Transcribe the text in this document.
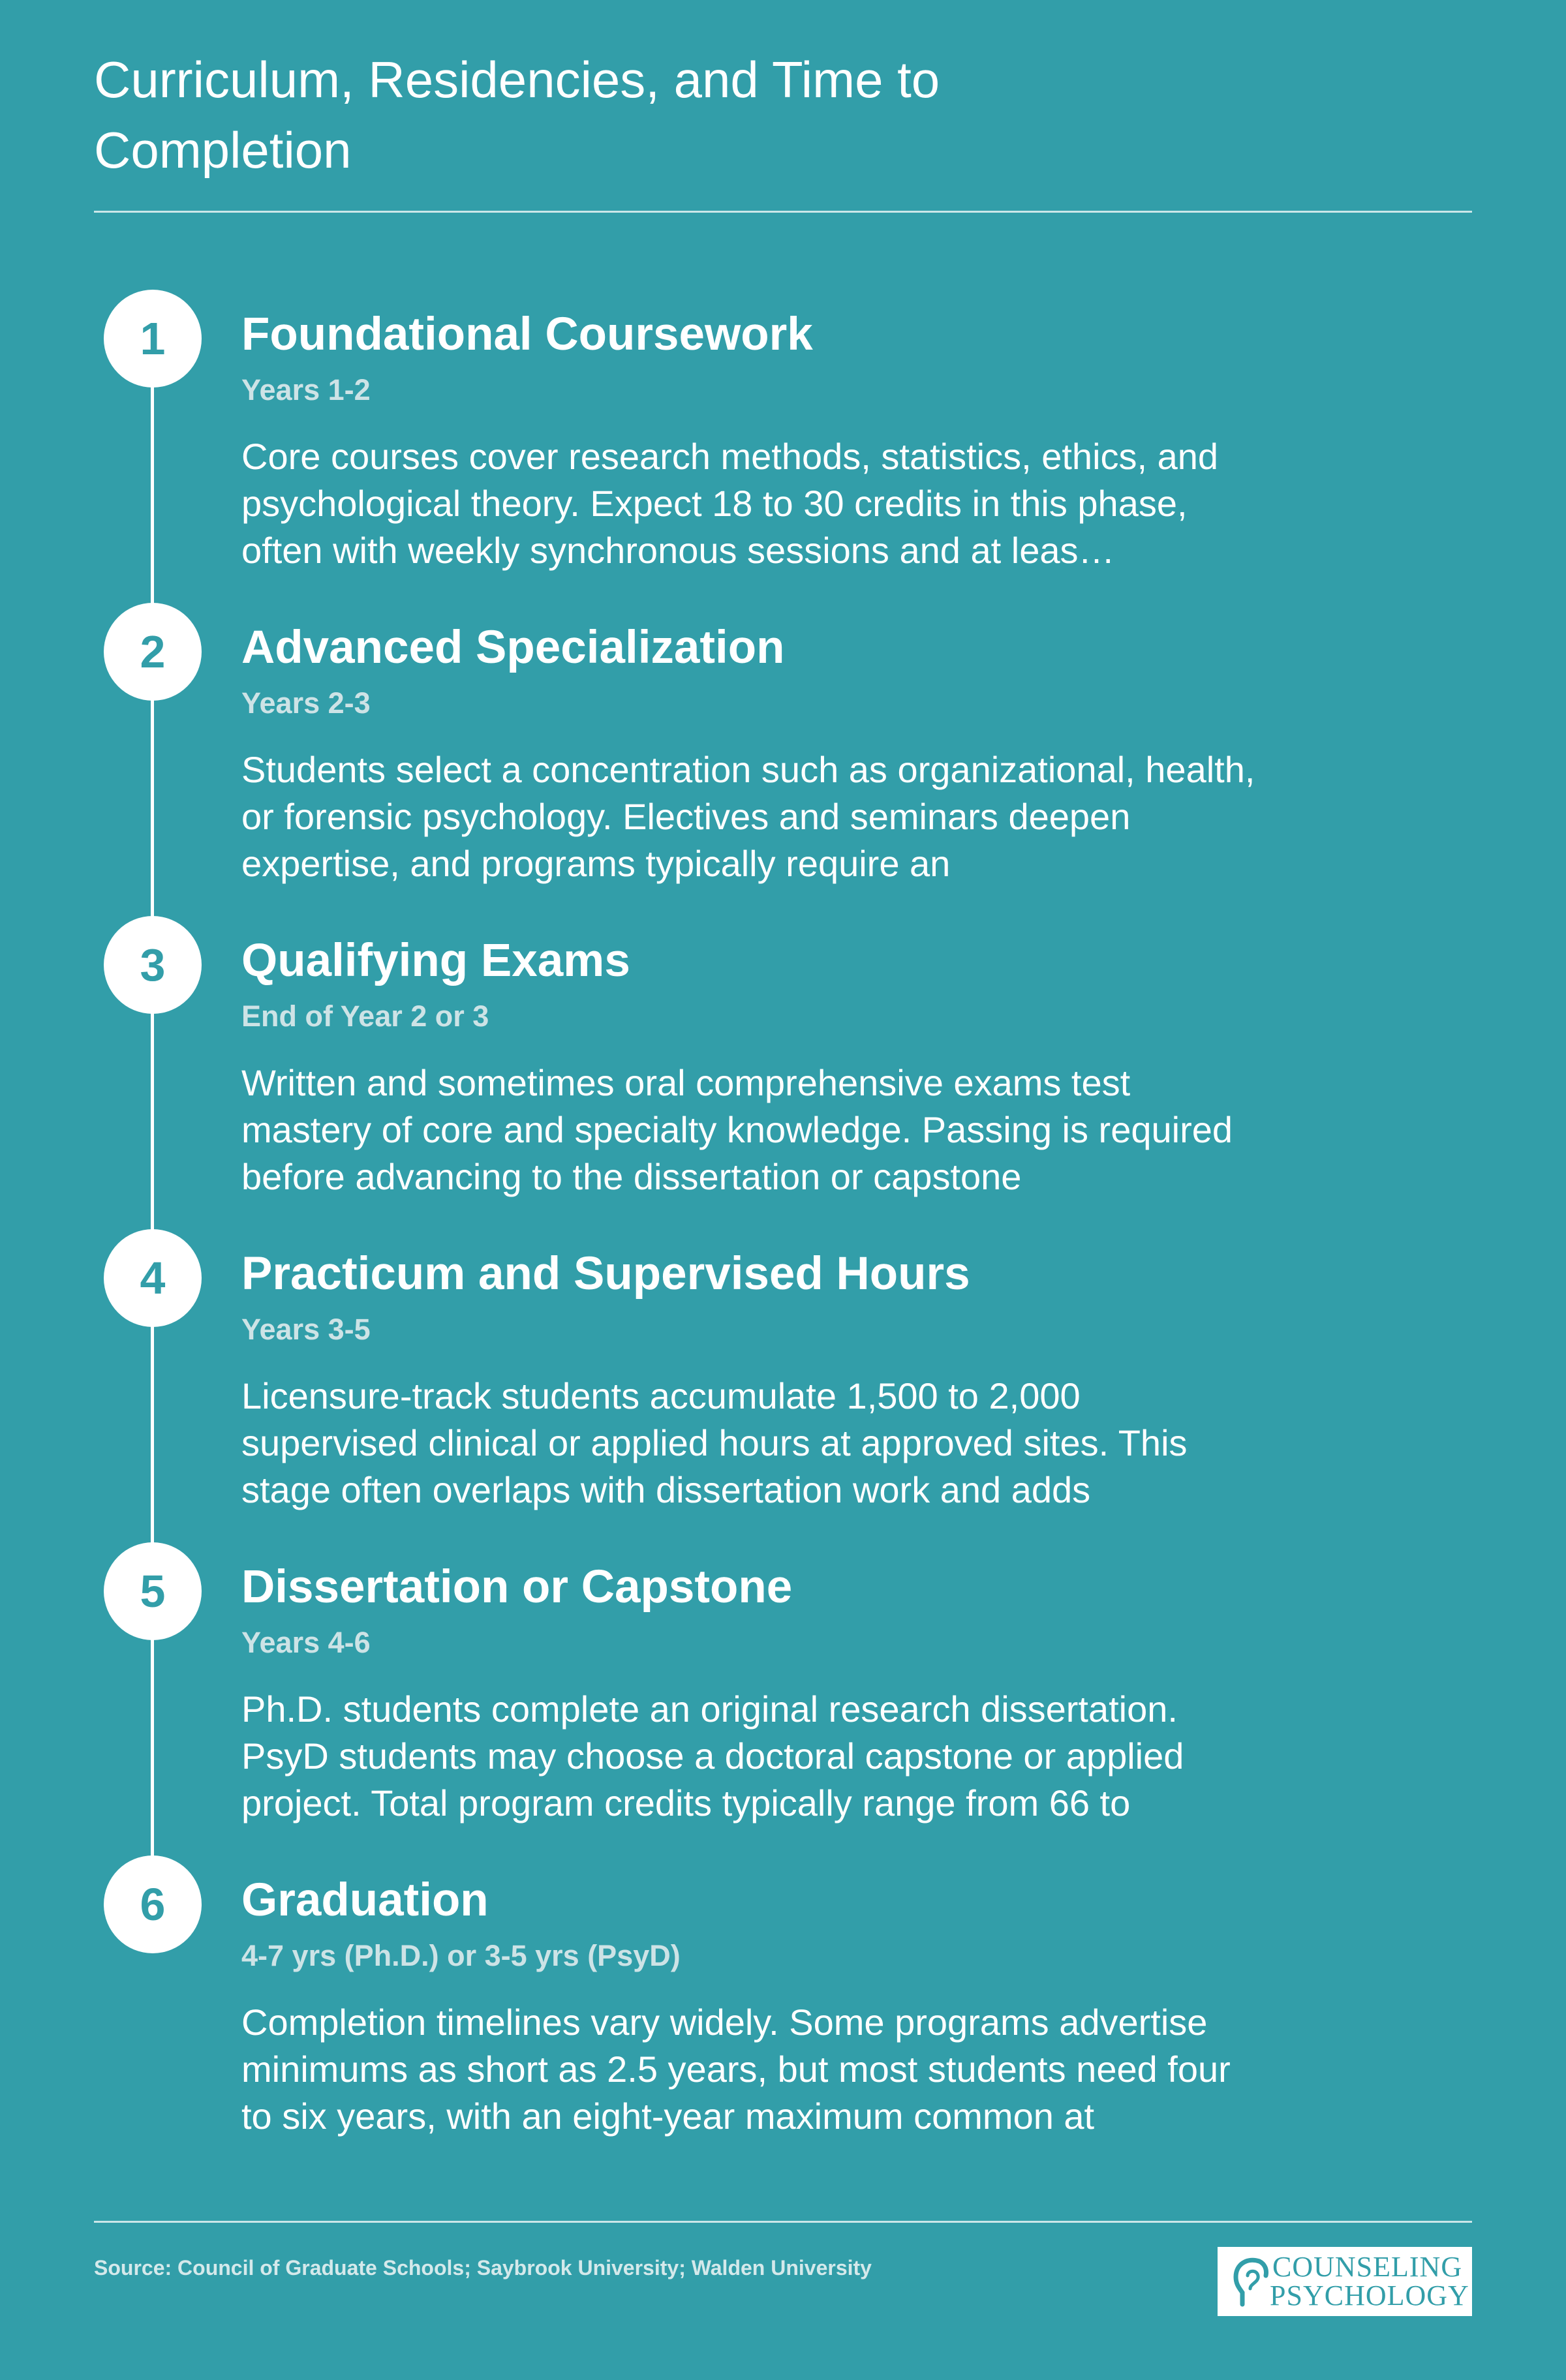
Curriculum, Residencies, and Time to Completion
1	Foundational Coursework
Years 1-2
Core courses cover research methods, statistics, ethics, and psychological theory. Expect 18 to 30 credits in this phase, often with weekly synchronous sessions and at leas…
2	Advanced Specialization
Years 2-3
Students select a concentration such as organizational, health, or forensic psychology. Electives and seminars deepen expertise, and programs typically require an
3	Qualifying Exams
End of Year 2 or 3
Written and sometimes oral comprehensive exams test mastery of core and specialty knowledge. Passing is required before advancing to the dissertation or capstone
4	Practicum and Supervised Hours
Years 3-5
Licensure-track students accumulate 1,500 to 2,000 supervised clinical or applied hours at approved sites. This stage often overlaps with dissertation work and adds
5	Dissertation or Capstone
Years 4-6
Ph.D. students complete an original research dissertation. PsyD students may choose a doctoral capstone or applied project. Total program credits typically range from 66 to
6	Graduation
4-7 yrs (Ph.D.) or 3-5 yrs (PsyD)
Completion timelines vary widely. Some programs advertise minimums as short as 2.5 years, but most students need four to six years, with an eight-year maximum common at
Source: Council of Graduate Schools; Saybrook University; Walden University	COUNSELING
PSYCHOLOGY
